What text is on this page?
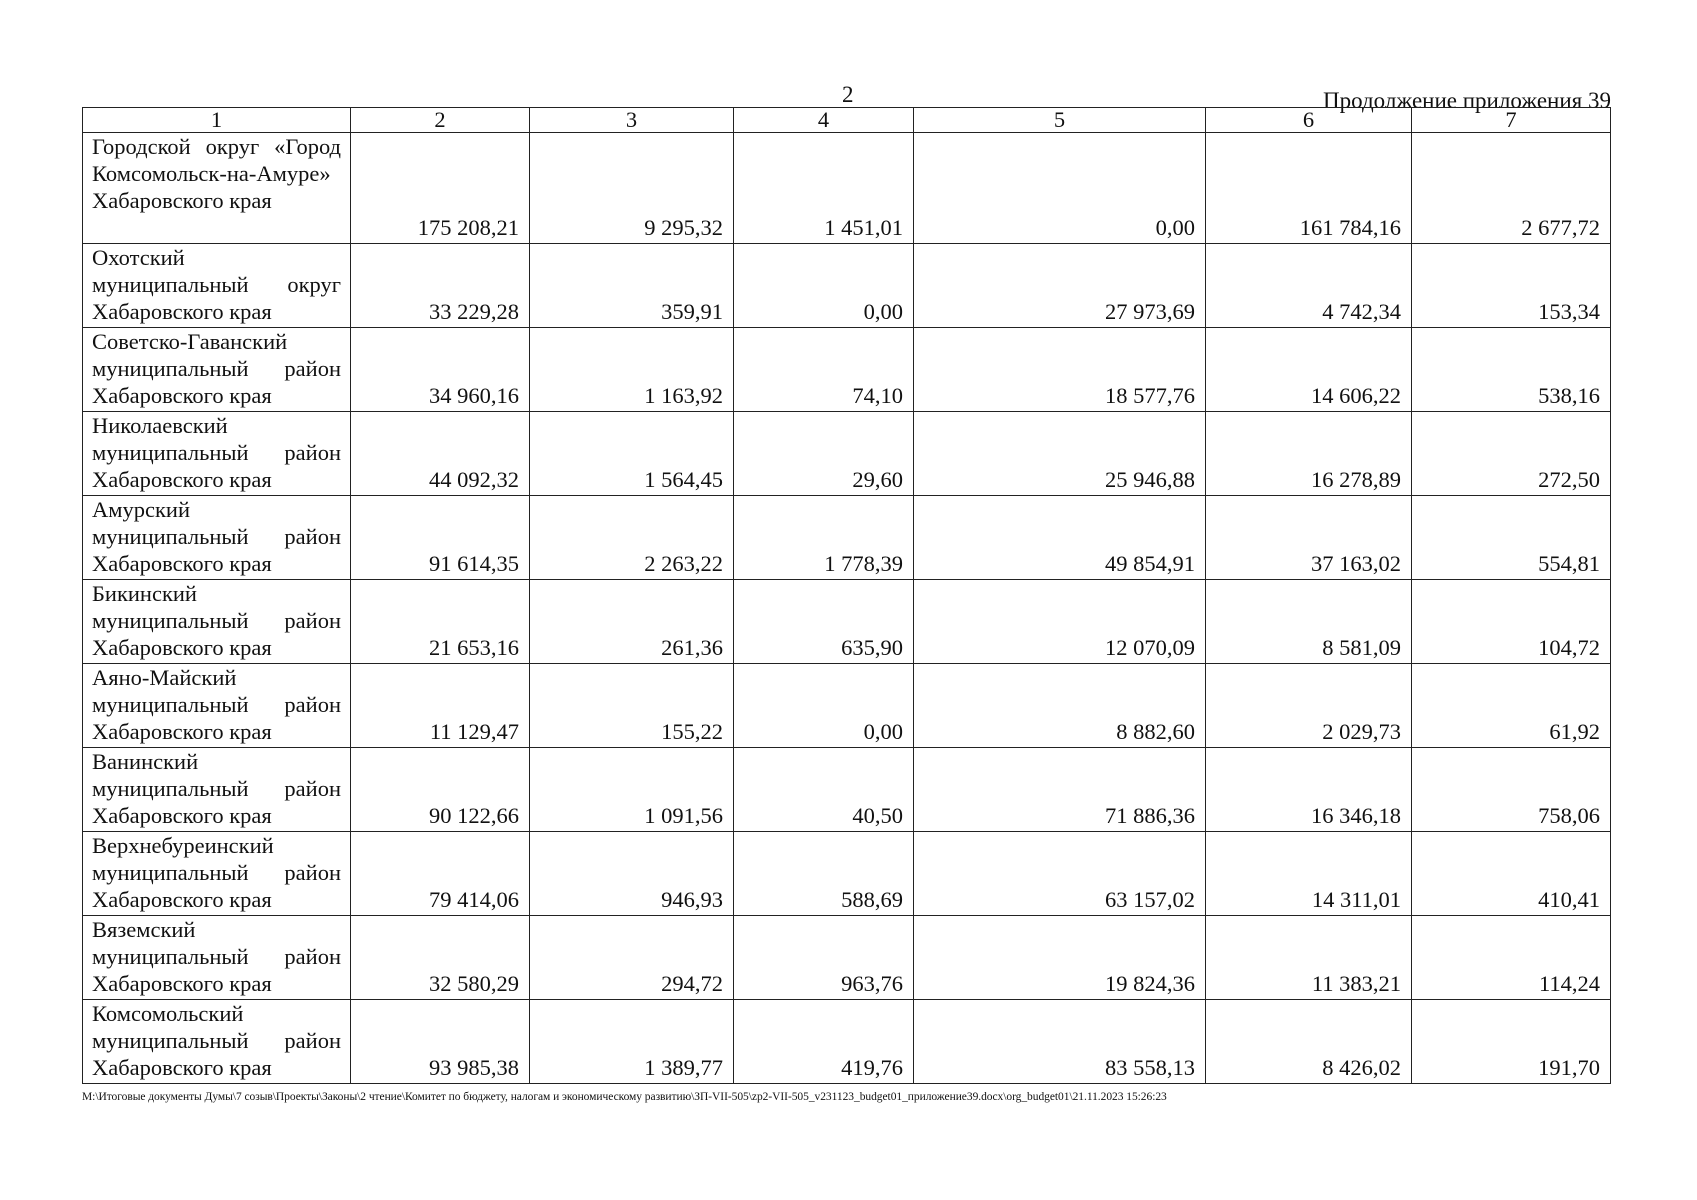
2	Продолжение приложения 39
1	2	3	4	5	6	7
Городской округ «Город Комсомольск-на-Амуре» Хабаровского края	175 208,21	9 295,32	1 451,01	0,00	161 784,16	2 677,72
Охотский муниципальный округ Хабаровского края	33 229,28	359,91	0,00	27 973,69	4 742,34	153,34
Советско-Гаванский муниципальный район Хабаровского края	34 960,16	1 163,92	74,10	18 577,76	14 606,22	538,16
Николаевский муниципальный район Хабаровского края	44 092,32	1 564,45	29,60	25 946,88	16 278,89	272,50
Амурский муниципальный район Хабаровского края	91 614,35	2 263,22	1 778,39	49 854,91	37 163,02	554,81
Бикинский муниципальный район Хабаровского края	21 653,16	261,36	635,90	12 070,09	8 581,09	104,72
Аяно-Майский муниципальный район Хабаровского края	11 129,47	155,22	0,00	8 882,60	2 029,73	61,92
Ванинский муниципальный район Хабаровского края	90 122,66	1 091,56	40,50	71 886,36	16 346,18	758,06
Верхнебуреинский муниципальный район Хабаровского края	79 414,06	946,93	588,69	63 157,02	14 311,01	410,41
Вяземский муниципальный район Хабаровского края	32 580,29	294,72	963,76	19 824,36	11 383,21	114,24
Комсомольский муниципальный район Хабаровского края	93 985,38	1 389,77	419,76	83 558,13	8 426,02	191,70
M:\Итоговые документы Думы\7 созыв\Проекты\Законы\2 чтение\Комитет по бюджету, налогам и экономическому развитию\ЗП-VII-505\zp2-VII-505_v231123_budget01_приложение39.docx\org_budget01\21.11.2023 15:26:23
